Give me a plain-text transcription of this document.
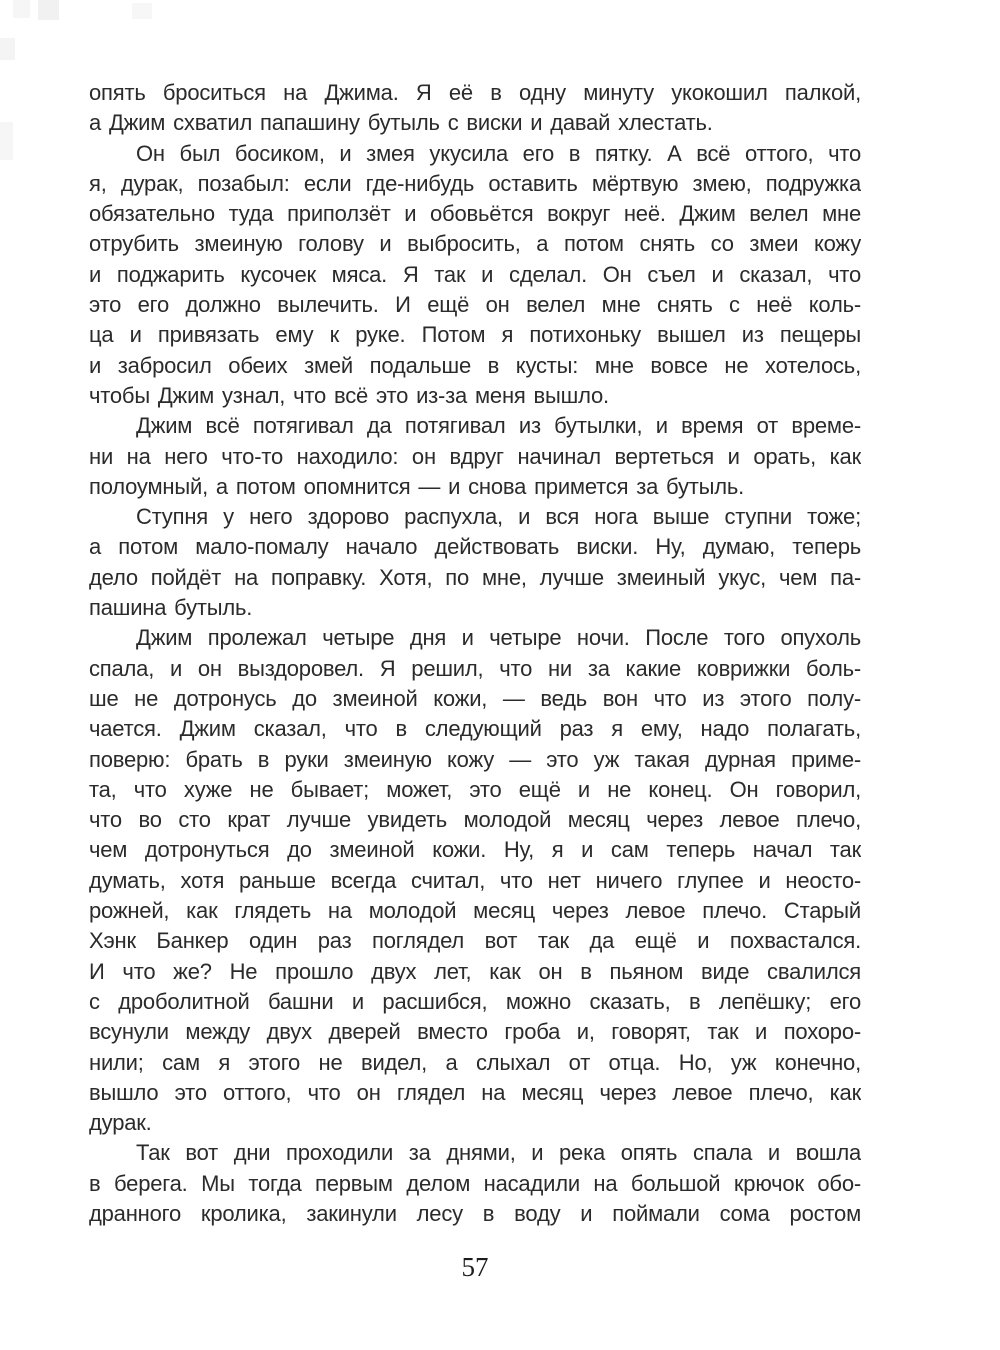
опять броситься на Джима. Я её в одну минуту укокошил палкой,
а Джим схватил папашину бутыль с виски и давай хлестать.
Он был босиком, и змея укусила его в пятку. А всё оттого, что
я, дурак, позабыл: если где-нибудь оставить мёртвую змею, подружка
обязательно туда приползёт и обовьётся вокруг неё. Джим велел мне
отрубить змеиную голову и выбросить, а потом снять со змеи кожу
и поджарить кусочек мяса. Я так и сделал. Он съел и сказал, что
это его должно вылечить. И ещё он велел мне снять с неё коль-
ца и привязать ему к руке. Потом я потихоньку вышел из пещеры
и забросил обеих змей подальше в кусты: мне вовсе не хотелось,
чтобы Джим узнал, что всё это из-за меня вышло.
Джим всё потягивал да потягивал из бутылки, и время от време-
ни на него что-то находило: он вдруг начинал вертеться и орать, как
полоумный, а потом опомнится — и снова примется за бутыль.
Ступня у него здорово распухла, и вся нога выше ступни тоже;
а потом мало-помалу начало действовать виски. Ну, думаю, теперь
дело пойдёт на поправку. Хотя, по мне, лучше змеиный укус, чем па-
пашина бутыль.
Джим пролежал четыре дня и четыре ночи. После того опухоль
спала, и он выздоровел. Я решил, что ни за какие коврижки боль-
ше не дотронусь до змеиной кожи, — ведь вон что из этого полу-
чается. Джим сказал, что в следующий раз я ему, надо полагать,
поверю: брать в руки змеиную кожу — это уж такая дурная приме-
та, что хуже не бывает; может, это ещё и не конец. Он говорил,
что во сто крат лучше увидеть молодой месяц через левое плечо,
чем дотронуться до змеиной кожи. Ну, я и сам теперь начал так
думать, хотя раньше всегда считал, что нет ничего глупее и неосто-
рожней, как глядеть на молодой месяц через левое плечо. Старый
Хэнк Банкер один раз поглядел вот так да ещё и похвастался.
И что же? Не прошло двух лет, как он в пьяном виде свалился
с дроболитной башни и расшибся, можно сказать, в лепёшку; его
всунули между двух дверей вместо гроба и, говорят, так и похоро-
нили; сам я этого не видел, а слыхал от отца. Но, уж конечно,
вышло это оттого, что он глядел на месяц через левое плечо, как
дурак.
Так вот дни проходили за днями, и река опять спала и вошла
в берега. Мы тогда первым делом насадили на большой крючок обо-
дранного кролика, закинули лесу в воду и поймали сома ростом
57
